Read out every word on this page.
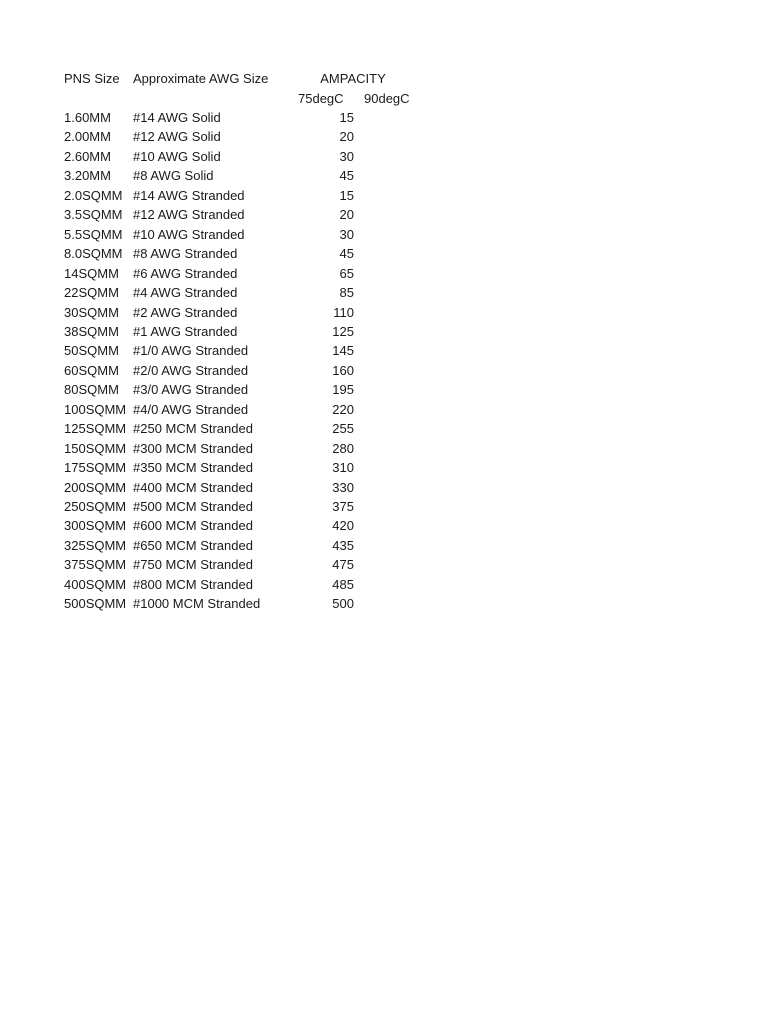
PNS Size Approximate AWG Size	AMPACITY
75degC 90degC
1.60MM #14 AWG Solid	15
2.00MM #12 AWG Solid	20
2.60MM #10 AWG Solid	30
3.20MM #8 AWG Solid	45
2.0SQMM #14 AWG Stranded	15
3.5SQMM #12 AWG Stranded	20
5.5SQMM #10 AWG Stranded	30
8.0SQMM #8 AWG Stranded	45
14SQMM #6 AWG Stranded	65
22SQMM #4 AWG Stranded	85
30SQMM #2 AWG Stranded	110
38SQMM #1 AWG Stranded	125
50SQMM #1/0 AWG Stranded	145
60SQMM #2/0 AWG Stranded	160
80SQMM #3/0 AWG Stranded	195
100SQMM #4/0 AWG Stranded	220
125SQMM #250 MCM Stranded	255
150SQMM #300 MCM Stranded	280
175SQMM #350 MCM Stranded	310
200SQMM #400 MCM Stranded	330
250SQMM #500 MCM Stranded	375
300SQMM #600 MCM Stranded	420
325SQMM #650 MCM Stranded	435
375SQMM #750 MCM Stranded	475
400SQMM #800 MCM Stranded	485
500SQMM #1000 MCM Stranded	500
